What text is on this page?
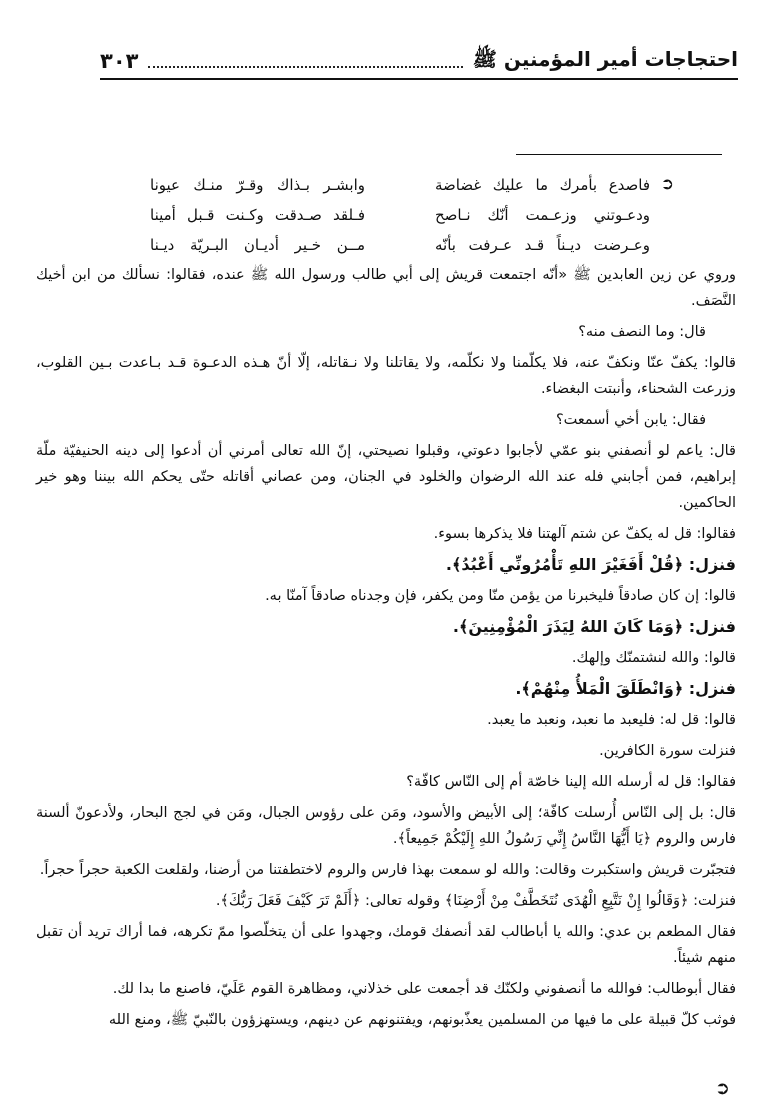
احتجاجات أمير المؤمنين ﷺ
٣٠٣
➲
فاصدع بأمرك ما عليك غضاضة
وابشـر بـذاك وقـرّ منـك عيونا
ودعـوتني وزعـمت أنّك نـاصح
فـلقد صـدقت وكـنت قـبل أمينا
وعـرضت ديـناً قـد عـرفت بأنّه
مــن خـير أديـان البـريّة ديـنا

وروي عن زين العابدين ﷺ «أنّه اجتمعت قريش إلى أبي طالب ورسول الله ﷺ عنده، فقالوا: نسألك من ابن أخيك النَّصَف.

قال: وما النصف منه؟

قالوا: يكفّ عنّا ونكفّ عنه، فلا يكلّمنا ولا نكلّمه، ولا يقاتلنا ولا نـقاتله، إلّا أنّ هـذه الدعـوة قـد بـاعدت بـين القلوب، وزرعت الشحناء، وأنبتت البغضاء.

فقال: يابن أخي أسمعت؟

قال: ياعم لو أنصفني بنو عمّي لأجابوا دعوتي، وقبلوا نصيحتي، إنّ الله تعالى أمرني أن أدعوا إلى دينه الحنيفيّة ملّة إبراهيم، فمن أجابني فله عند الله الرضوان والخلود في الجنان، ومن عصاني أقاتله حتّى يحكم الله بيننا وهو خير الحاكمين.

فقالوا: قل له يكفّ عن شتم آلهتنا فلا يذكرها بسوء.

فنزل: ﴿قُلْ أَفَغَيْرَ اللهِ تَأْمُرُونِّي أَعْبُدُ﴾.

قالوا: إن كان صادقاً فليخبرنا من يؤمن منّا ومن يكفر، فإن وجدناه صادقاً آمنّا به.

فنزل: ﴿وَمَا كَانَ اللهُ لِيَذَرَ الْمُؤْمِنِينَ﴾.

قالوا: والله لنشتمنّك وإلهك.

فنزل: ﴿وَانْطَلَقَ الْمَلأُ مِنْهُمْ﴾.

قالوا: قل له: فليعبد ما نعبد، ونعبد ما يعبد.

فنزلت سورة الكافرين.

فقالوا: قل له أرسله الله إلينا خاصّة أم إلى النّاس كافّة؟

قال: بل إلى النّاس أُرسلت كافّة؛ إلى الأبيض والأسود، ومَن على رؤوس الجبال، ومَن في لجج البحار، ولأدعونّ ألسنة فارس والروم ﴿يَا أَيُّهَا النَّاسُ إِنِّي رَسُولُ اللهِ إِلَيْكُمْ جَمِيعاً﴾.

فتجبّرت قريش واستكبرت وقالت: والله لو سمعت بهذا فارس والروم لاختطفتنا من أرضنا، ولقلعت الكعبة حجراً حجراً.

فنزلت: ﴿وَقَالُوا إِنْ نَتَّبِعِ الْهُدَى نُتَخَطَّفْ مِنْ أَرْضِنَا﴾ وقوله تعالى: ﴿أَلَمْ تَرَ كَيْفَ فَعَلَ رَبُّكَ﴾.

فقال المطعم بن عدي: والله يا أباطالب لقد أنصفك قومك، وجهدوا على أن يتخلّصوا ممّ تكرهه، فما أراك تريد أن تقبل منهم شيئاً.

فقال أبوطالب: فوالله ما أنصفوني ولكنّك قد أجمعت على خذلاني، ومظاهرة القوم عَلَيّ، فاصنع ما بدا لك.

فوثب كلّ قبيلة على ما فيها من المسلمين يعذّبونهم، ويفتنونهم عن دينهم، ويستهزؤون بالنّبيّ ﷺ، ومنع الله

➲
